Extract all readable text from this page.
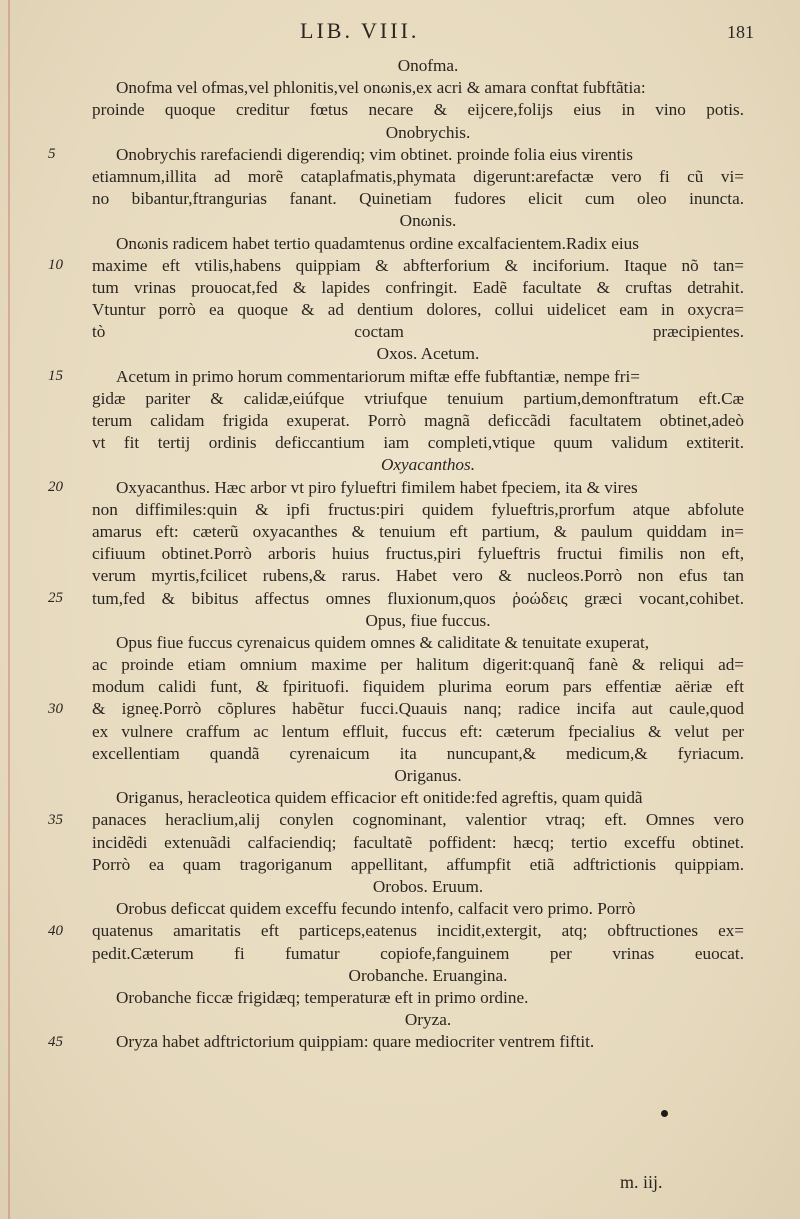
LIB. VIII.	181
Onofma.
Onofma vel ofmas,vel phlonitis,vel onωnis,ex acri & amara conftat fubftãtia:
proinde quoque creditur fœtus necare & eijcere,folijs eius in vino potis.
Onobrychis.
Onobrychis rarefaciendi digerendiq; vim obtinet. proinde folia eius virentis
etiamnum,illita ad morẽ cataplafmatis,phymata digerunt:arefactæ vero fi cũ vi=
no bibantur,ftrangurias fanant. Quinetiam fudores elicit cum oleo inuncta.
Onωnis.
Onωnis radicem habet tertio quadamtenus ordine excalfacientem.Radix eius
maxime eft vtilis,habens quippiam & abfterforium & inciforium. Itaque nõ tan=
tum vrinas prouocat,fed & lapides confringit. Eadẽ facultate & cruftas detrahit.
Vtuntur porrò ea quoque & ad dentium dolores, collui uidelicet eam in oxycra=
tò coctam præcipientes.
Oxos. Acetum.
Acetum in primo horum commentariorum miftæ effe fubftantiæ, nempe fri=
gidæ pariter & calidæ,eiúfque vtriufque tenuium partium,demonftratum eft.Cæ
terum calidam frigida exuperat. Porrò magnã deficcãdi facultatem obtinet,adeò
vt fit tertij ordinis deficcantium iam completi,vtique quum validum extiterit.
Oxyacanthos.
Oxyacanthus. Hæc arbor vt piro fylueftri fimilem habet fpeciem, ita & vires
non diffimiles:quin & ipfi fructus:piri quidem fylueftris,prorfum atque abfolute
amarus eft: cæterũ oxyacanthes & tenuium eft partium, & paulum quiddam in=
cifiuum obtinet.Porrò arboris huius fructus,piri fylueftris fructui fimilis non eft,
verum myrtis,fcilicet rubens,& rarus. Habet vero & nucleos.Porrò non efus tan
tum,fed & bibitus affectus omnes fluxionum,quos ῥοώδεις græci vocant,cohibet.
Opus, fiue fuccus.
Opus fiue fuccus cyrenaicus quidem omnes & caliditate & tenuitate exuperat,
ac proinde etiam omnium maxime per halitum digerit:quanq̃ fanè & reliqui ad=
modum calidi funt, & fpirituofi. fiquidem plurima eorum pars effentiæ aëriæ eft
& igneę.Porrò cõplures habẽtur fucci.Quauis nanq; radice incifa aut caule,quod
ex vulnere craffum ac lentum effluit, fuccus eft: cæterum fpecialius & velut per
excellentiam quandã cyrenaicum ita nuncupant,& medicum,& fyriacum.
Origanus.
Origanus, heracleotica quidem efficacior eft onitide:fed agreftis, quam quidã
panaces heraclium,alij conylen cognominant, valentior vtraq; eft. Omnes vero
incidẽdi extenuãdi calfaciendiq; facultatẽ poffident: hæcq; tertio exceffu obtinet.
Porrò ea quam tragoriganum appellitant, affumpfit etiã adftrictionis quippiam.
Orobos. Eruum.
Orobus deficcat quidem exceffu fecundo intenfo, calfacit vero primo. Porrò
quatenus amaritatis eft particeps,eatenus incidit,extergit, atq; obftructiones ex=
pedit.Cæterum fi fumatur copiofe,fanguinem per vrinas euocat.
Orobanche. Eruangina.
Orobanche ficcæ frigidæq; temperaturæ eft in primo ordine.
Oryza.
Oryza habet adftrictorium quippiam: quare mediocriter ventrem fiftit.
5
10
15
20
25
30
35
40
45
m. iij.
